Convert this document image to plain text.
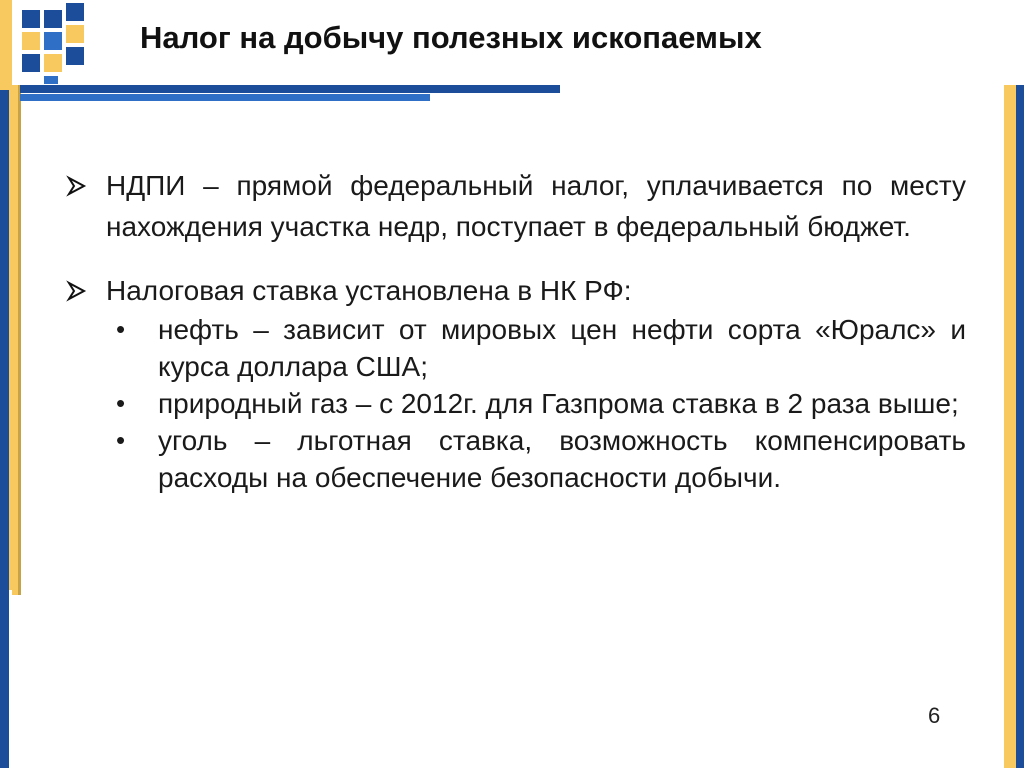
Налог на добычу полезных ископаемых
НДПИ – прямой федеральный налог, уплачивается по месту нахождения участка недр, поступает в федеральный бюджет.
Налоговая ставка установлена в НК РФ:
• нефть – зависит от мировых цен нефти сорта «Юралс» и курса доллара США;
• природный газ – с 2012г. для Газпрома ставка в 2 раза выше;
• уголь – льготная ставка, возможность компенсировать расходы на обеспечение безопасности добычи.
6
